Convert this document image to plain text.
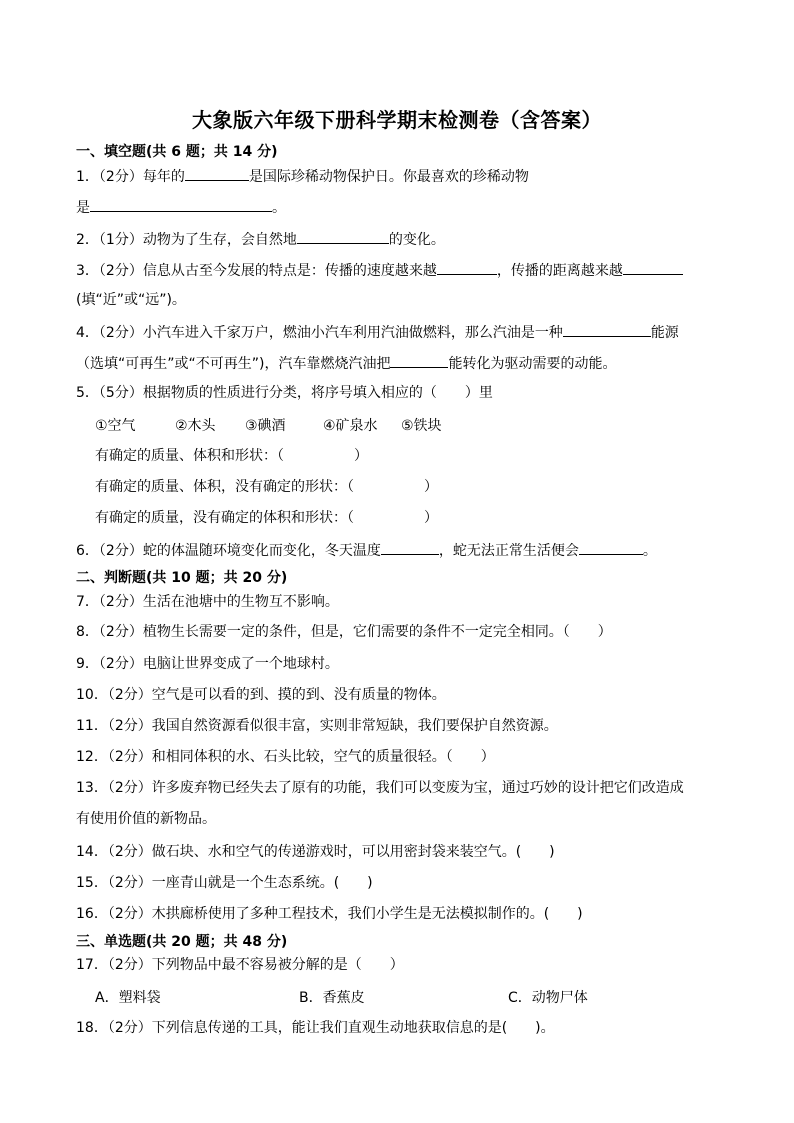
大象版六年级下册科学期末检测卷（含答案）
一、填空题(共 6 题；共 14 分)
1．（2分）每年的	是国际珍稀动物保护日。你最喜欢的珍稀动物
是	。
2．（1分）动物为了生存，会自然地	的变化。
3．（2分）信息从古至今发展的特点是：传播的速度越来越	，传播的距离越来越
(填“近”或“远”)。
4．（2分）小汽车进入千家万户，燃油小汽车利用汽油做燃料，那么汽油是一种	能源
（选填“可再生”或“不可再生”)，汽车靠燃烧汽油把	能转化为驱动需要的动能。
5．（5分）根据物质的性质进行分类，将序号填入相应的（　　）里
①空气	②木头 ③碘酒	④矿泉水 ⑤铁块
有确定的质量、体积和形状：（　　　　　）
有确定的质量、体积，没有确定的形状：（　　　　　）
有确定的质量，没有确定的体积和形状：（　　　　　）
6．（2分）蛇的体温随环境变化而变化，冬天温度	，蛇无法正常生活便会	。
二、判断题(共 10 题；共 20 分)
7．（2分）生活在池塘中的生物互不影响。
8．（2分）植物生长需要一定的条件，但是，它们需要的条件不一定完全相同。（　　）
9．（2分）电脑让世界变成了一个地球村。
10．（2分）空气是可以看的到、摸的到、没有质量的物体。
11．（2分）我国自然资源看似很丰富，实则非常短缺，我们要保护自然资源。
12．（2分）和相同体积的水、石头比较，空气的质量很轻。（　　）
13．（2分）许多废弃物已经失去了原有的功能，我们可以变废为宝，通过巧妙的设计把它们改造成
有使用价值的新物品。
14．（2分）做石块、水和空气的传递游戏时，可以用密封袋来装空气。(　　)
15．（2分）一座青山就是一个生态系统。(　　)
16．（2分）木拱廊桥使用了多种工程技术，我们小学生是无法模拟制作的。(　　)
三、单选题(共 20 题；共 48 分)
17．（2分）下列物品中最不容易被分解的是（　　）
A．塑料袋	B．香蕉皮	C．动物尸体
18．（2分）下列信息传递的工具，能让我们直观生动地获取信息的是(　　)。
